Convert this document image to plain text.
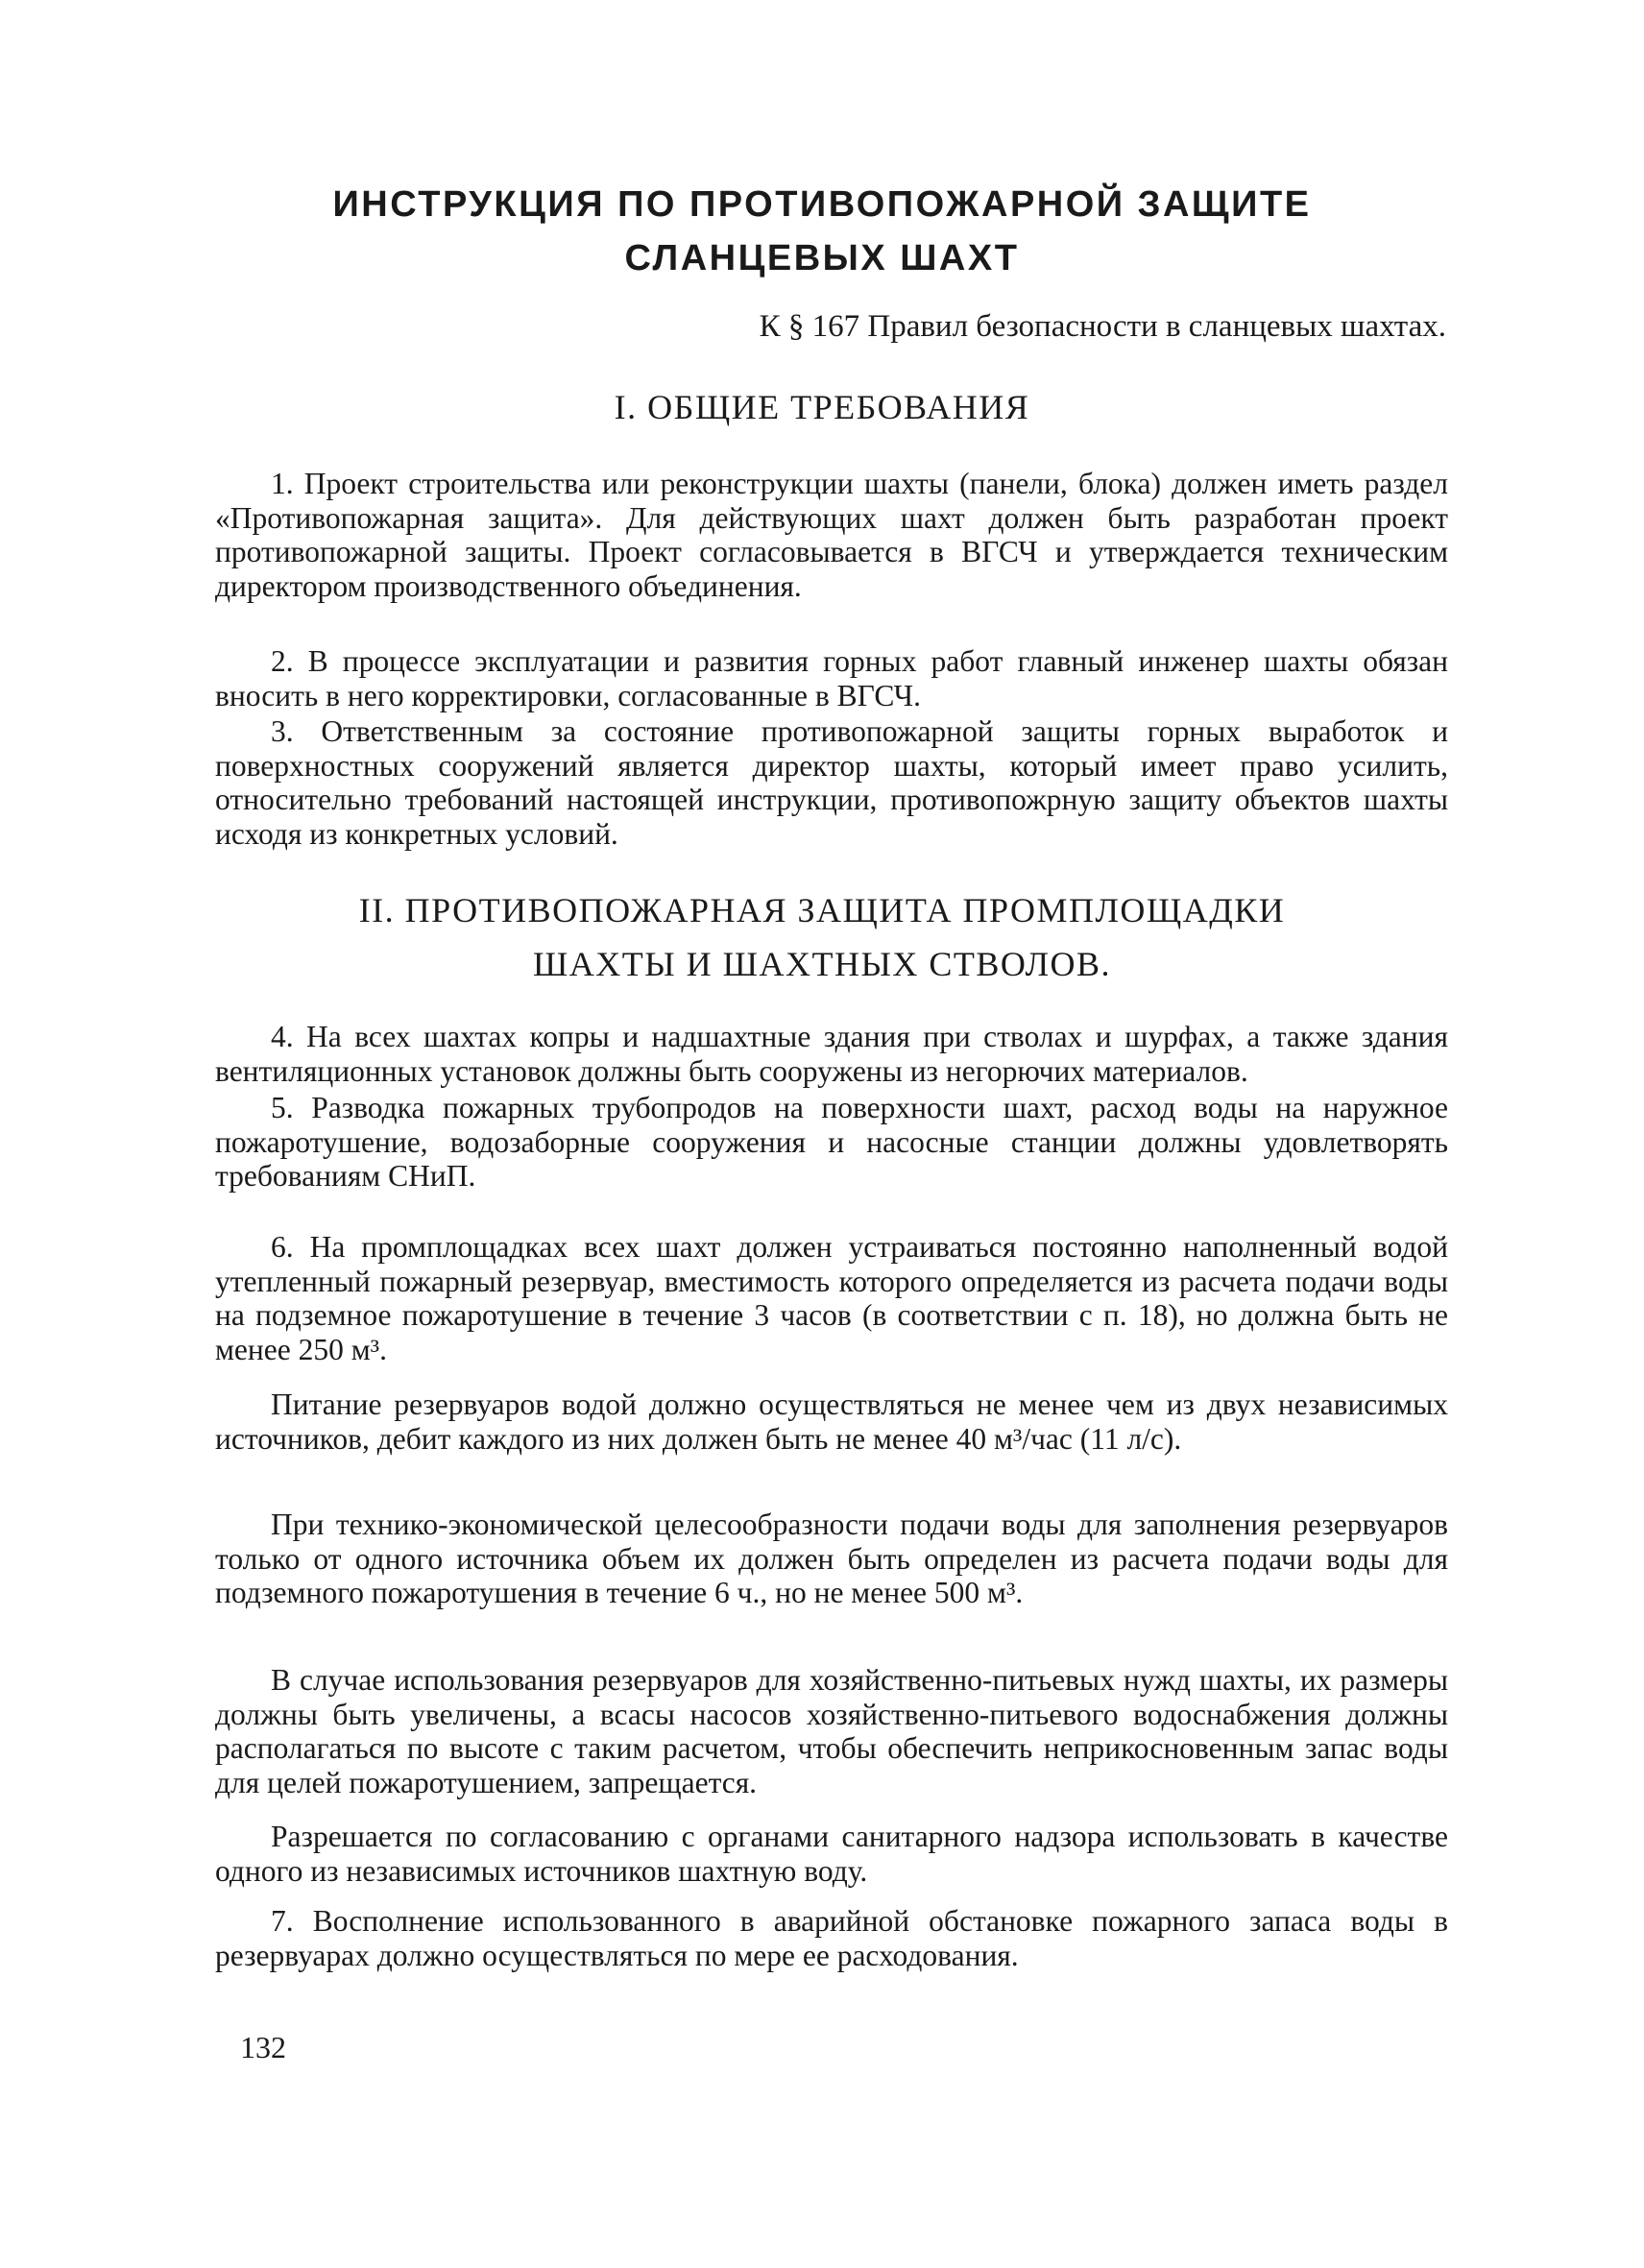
ИНСТРУКЦИЯ ПО ПРОТИВОПОЖАРНОЙ ЗАЩИТЕ
СЛАНЦЕВЫХ ШАХТ
К § 167 Правил безопасности в сланцевых шахтах.
I. ОБЩИЕ ТРЕБОВАНИЯ
1. Проект строительства или реконструкции шахты (панели, блока) должен иметь раздел «Противопожарная защита». Для действующих шахт должен быть разработан проект противопожарной защиты. Проект согласовывается в ВГСЧ и утверждается техническим директором производственного объединения.
2. В процессе эксплуатации и развития горных работ главный инженер шахты обязан вносить в него корректировки, согласованные в ВГСЧ.
3. Ответственным за состояние противопожарной защиты горных выработок и поверхностных сооружений является директор шахты, который имеет право усилить, относительно требований настоящей инструкции, противопожрную защиту объектов шахты исходя из конкретных условий.
II. ПРОТИВОПОЖАРНАЯ ЗАЩИТА ПРОМПЛОЩАДКИ
ШАХТЫ И ШАХТНЫХ СТВОЛОВ.
4. На всех шахтах копры и надшахтные здания при стволах и шурфах, а также здания вентиляционных установок должны быть сооружены из негорючих материалов.
5. Разводка пожарных трубопродов на поверхности шахт, расход воды на наружное пожаротушение, водозаборные сооружения и насосные станции должны удовлетворять требованиям СНиП.
6. На промплощадках всех шахт должен устраиваться постоянно наполненный водой утепленный пожарный резервуар, вместимость которого определяется из расчета подачи воды на подземное пожаротушение в течение 3 часов (в соответствии с п. 18), но должна быть не менее 250 м³.
Питание резервуаров водой должно осуществляться не менее чем из двух независимых источников, дебит каждого из них должен быть не менее 40 м³/час (11 л/с).
При технико-экономической целесообразности подачи воды для заполнения резервуаров только от одного источника объем их должен быть определен из расчета подачи воды для подземного пожаротушения в течение 6 ч., но не менее 500 м³.
В случае использования резервуаров для хозяйственно-питьевых нужд шахты, их размеры должны быть увеличены, а всасы насосов хозяйственно-питьевого водоснабжения должны располагаться по высоте с таким расчетом, чтобы обеспечить неприкосновенным запас воды для целей пожаротушением, запрещается.
Разрешается по согласованию с органами санитарного надзора использовать в качестве одного из независимых источников шахтную воду.
7. Восполнение использованного в аварийной обстановке пожарного запаса воды в резервуарах должно осуществляться по мере ее расходования.
132
